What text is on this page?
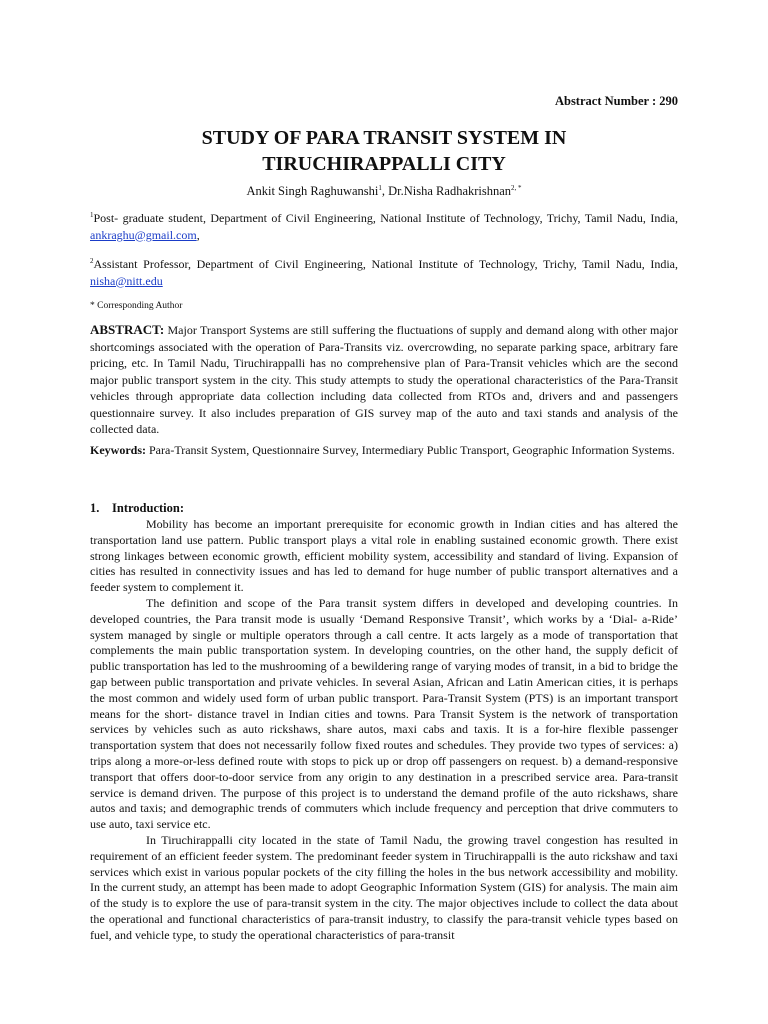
Abstract Number : 290
STUDY OF PARA TRANSIT SYSTEM IN
TIRUCHIRAPPALLI CITY
Ankit Singh Raghuwanshi$^1$, Dr.Nisha Radhakrishnan$^{2, *}$
$^1$Post- graduate student, Department of Civil Engineering, National Institute of Technology, Trichy, Tamil Nadu, India, ankraghu@gmail.com,
$^2$Assistant Professor, Department of Civil Engineering, National Institute of Technology, Trichy, Tamil Nadu, India, nisha@nitt.edu
* Corresponding Author
ABSTRACT: Major Transport Systems are still suffering the fluctuations of supply and demand along with other major shortcomings associated with the operation of Para-Transits viz. overcrowding, no separate parking space, arbitrary fare pricing, etc. In Tamil Nadu, Tiruchirappalli has no comprehensive plan of Para-Transit vehicles which are the second major public transport system in the city. This study attempts to study the operational characteristics of the Para-Transit vehicles through appropriate data collection including data collected from RTOs and, drivers and and passengers questionnaire survey. It also includes preparation of GIS survey map of the auto and taxi stands and analysis of the collected data.
Keywords: Para-Transit System, Questionnaire Survey, Intermediary Public Transport, Geographic Information Systems.
1. Introduction:

Mobility has become an important prerequisite for economic growth in Indian cities and has altered the transportation land use pattern. Public transport plays a vital role in enabling sustained economic growth. There exist strong linkages between economic growth, efficient mobility system, accessibility and standard of living. Expansion of cities has resulted in connectivity issues and has led to demand for huge number of public transport alternatives and a feeder system to complement it.

The definition and scope of the Para transit system differs in developed and developing countries. In developed countries, the Para transit mode is usually ‘Demand Responsive Transit’, which works by a ‘Dial- a-Ride’ system managed by single or multiple operators through a call centre. It acts largely as a mode of transportation that complements the main public transportation system. In developing countries, on the other hand, the supply deficit of public transportation has led to the mushrooming of a bewildering range of varying modes of transit, in a bid to bridge the gap between public transportation and private vehicles. In several Asian, African and Latin American cities, it is perhaps the most common and widely used form of urban public transport. Para-Transit System (PTS) is an important transport means for the short- distance travel in Indian cities and towns. Para Transit System is the network of transportation services by vehicles such as auto rickshaws, share autos, maxi cabs and taxis. It is a for-hire flexible passenger transportation system that does not necessarily follow fixed routes and schedules. They provide two types of services: a) trips along a more-or-less defined route with stops to pick up or drop off passengers on request. b) a demand-responsive transport that offers door-to-door service from any origin to any destination in a prescribed service area. Para-transit service is demand driven. The purpose of this project is to understand the demand profile of the auto rickshaws, share autos and taxis; and demographic trends of commuters which include frequency and perception that drive commuters to use auto, taxi service etc.

In Tiruchirappalli city located in the state of Tamil Nadu, the growing travel congestion has resulted in requirement of an efficient feeder system. The predominant feeder system in Tiruchirappalli is the auto rickshaw and taxi services which exist in various popular pockets of the city filling the holes in the bus network accessibility and mobility. In the current study, an attempt has been made to adopt Geographic Information System (GIS) for analysis. The main aim of the study is to explore the use of para-transit system in the city. The major objectives include to collect the data about the operational and functional characteristics of para-transit industry, to classify the para-transit vehicle types based on fuel, and vehicle type, to study the operational characteristics of para-transit
